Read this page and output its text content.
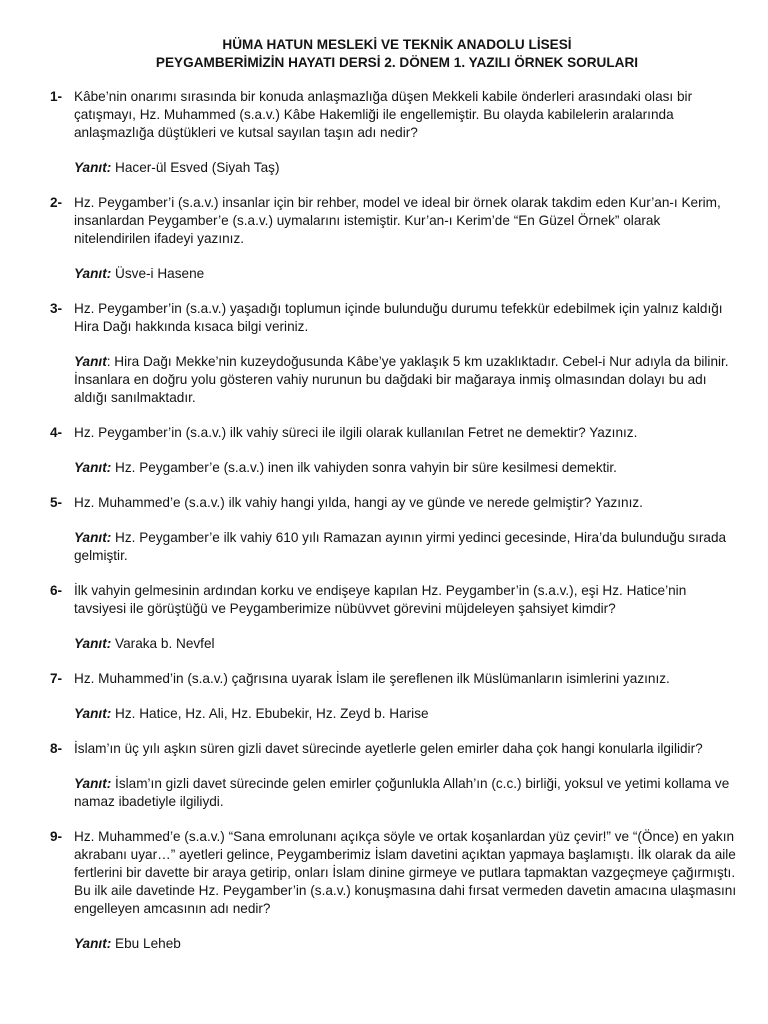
HÜMA HATUN MESLEKİ VE TEKNİK ANADOLU LİSESİ
PEYGAMBERİMİZİN HAYATI DERSİ 2. DÖNEM 1. YAZILI ÖRNEK SORULARI
1- Kâbe’nin onarımı sırasında bir konuda anlaşmazlığa düşen Mekkeli kabile önderleri arasındaki olası bir çatışmayı, Hz. Muhammed (s.a.v.) Kâbe Hakemliği ile engellemiştir. Bu olayda kabilelerin aralarında anlaşmazlığa düştükleri ve kutsal sayılan taşın adı nedir?
Yanıt: Hacer-ül Esved (Siyah Taş)
2- Hz. Peygamber’i (s.a.v.) insanlar için bir rehber, model ve ideal bir örnek olarak takdim eden Kur’an-ı Kerim, insanlardan Peygamber’e (s.a.v.) uymalarını istemiştir. Kur’an-ı Kerim’de “En Güzel Örnek” olarak nitelendirilen ifadeyi yazınız.
Yanıt: Üsve-i Hasene
3- Hz. Peygamber’in (s.a.v.) yaşadığı toplumun içinde bulunduğu durumu tefekkür edebilmek için yalnız kaldığı Hira Dağı hakkında kısaca bilgi veriniz.
Yanıt: Hira Dağı Mekke’nin kuzeydoğusunda Kâbe’ye yaklaşık 5 km uzaklıktadır. Cebel-i Nur adıyla da bilinir. İnsanlara en doğru yolu gösteren vahiy nurunun bu dağdaki bir mağaraya inmiş olmasından dolayı bu adı aldığı sanılmaktadır.
4- Hz. Peygamber’in (s.a.v.) ilk vahiy süreci ile ilgili olarak kullanılan Fetret ne demektir? Yazınız.
Yanıt: Hz. Peygamber’e (s.a.v.) inen ilk vahiyden sonra vahyin bir süre kesilmesi demektir.
5- Hz. Muhammed’e (s.a.v.) ilk vahiy hangi yılda, hangi ay ve günde ve nerede gelmiştir? Yazınız.
Yanıt: Hz. Peygamber’e ilk vahiy 610 yılı Ramazan ayının yirmi yedinci gecesinde, Hira’da bulunduğu sırada gelmiştir.
6- İlk vahyin gelmesinin ardından korku ve endişeye kapılan Hz. Peygamber’in (s.a.v.), eşi Hz. Hatice’nin tavsiyesi ile görüştüğü ve Peygamberimize nübüvvet görevini müjdeleyen şahsiyet kimdir?
Yanıt: Varaka b. Nevfel
7- Hz. Muhammed’in (s.a.v.) çağrısına uyarak İslam ile şereflenen ilk Müslümanların isimlerini yazınız.
Yanıt: Hz. Hatice, Hz. Ali, Hz. Ebubekir, Hz. Zeyd b. Harise
8- İslam’ın üç yılı aşkın süren gizli davet sürecinde ayetlerle gelen emirler daha çok hangi konularla ilgilidir?
Yanıt: İslam’ın gizli davet sürecinde gelen emirler çoğunlukla Allah’ın (c.c.) birliği, yoksul ve yetimi kollama ve namaz ibadetiyle ilgiliydi.
9- Hz. Muhammed’e (s.a.v.) “Sana emrolunanı açıkça söyle ve ortak koşanlardan yüz çevir!” ve “(Önce) en yakın akrabanı uyar…” ayetleri gelince, Peygamberimiz İslam davetini açıktan yapmaya başlamıştı. İlk olarak da aile fertlerini bir davette bir araya getirip, onları İslam dinine girmeye ve putlara tapmaktan vazgeçmeye çağırmıştı. Bu ilk aile davetinde Hz. Peygamber’in (s.a.v.) konuşmasına dahi fırsat vermeden davetin amacına ulaşmasını engelleyen amcasının adı nedir?
Yanıt: Ebu Leheb
